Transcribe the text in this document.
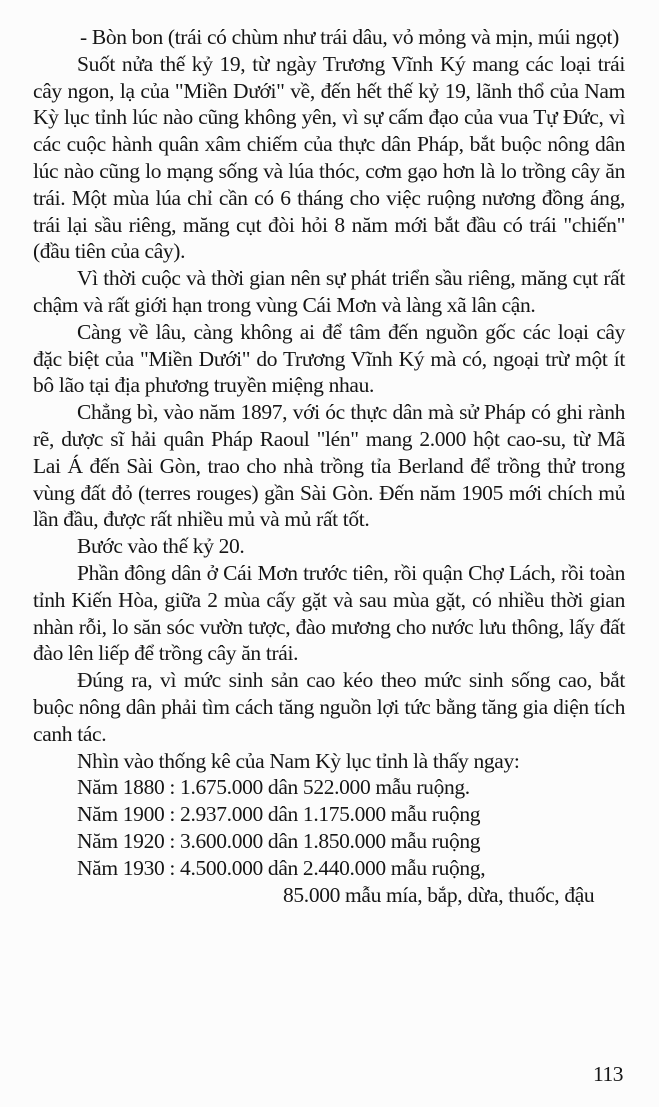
- Bòn bon (trái có chùm như trái dâu, vỏ mỏng và mịn, múi ngọt)

Suốt nửa thế kỷ 19, từ ngày Trương Vĩnh Ký mang các loại trái cây ngon, lạ của "Miền Dưới" về, đến hết thế kỷ 19, lãnh thổ của Nam Kỳ lục tỉnh lúc nào cũng không yên, vì sự cấm đạo của vua Tự Đức, vì các cuộc hành quân xâm chiếm của thực dân Pháp, bắt buộc nông dân lúc nào cũng lo mạng sống và lúa thóc, cơm gạo hơn là lo trồng cây ăn trái. Một mùa lúa chỉ cần có 6 tháng cho việc ruộng nương đồng áng, trái lại sầu riêng, măng cụt đòi hỏi 8 năm mới bắt đầu có trái "chiến" (đầu tiên của cây).

Vì thời cuộc và thời gian nên sự phát triển sầu riêng, măng cụt rất chậm và rất giới hạn trong vùng Cái Mơn và làng xã lân cận.

Càng về lâu, càng không ai để tâm đến nguồn gốc các loại cây đặc biệt của "Miền Dưới" do Trương Vĩnh Ký mà có, ngoại trừ một ít bô lão tại địa phương truyền miệng nhau.

Chẳng bì, vào năm 1897, với óc thực dân mà sử Pháp có ghi rành rẽ, dược sĩ hải quân Pháp Raoul "lén" mang 2.000 hột cao-su, từ Mã Lai Á đến Sài Gòn, trao cho nhà trồng tỉa Berland để trồng thử trong vùng đất đỏ (terres rouges) gần Sài Gòn. Đến năm 1905 mới chích mủ lần đầu, được rất nhiều mủ và mủ rất tốt.

Bước vào thế kỷ 20.

Phần đông dân ở Cái Mơn trước tiên, rồi quận Chợ Lách, rồi toàn tỉnh Kiến Hòa, giữa 2 mùa cấy gặt và sau mùa gặt, có nhiều thời gian nhàn rỗi, lo săn sóc vườn tược, đào mương cho nước lưu thông, lấy đất đào lên liếp để trồng cây ăn trái.

Đúng ra, vì mức sinh sản cao kéo theo mức sinh sống cao, bắt buộc nông dân phải tìm cách tăng nguồn lợi tức bằng tăng gia diện tích canh tác.

Nhìn vào thống kê của Nam Kỳ lục tỉnh là thấy ngay:

Năm 1880 : 1.675.000 dân 522.000 mẫu ruộng.
Năm 1900 : 2.937.000 dân 1.175.000 mẫu ruộng
Năm 1920 : 3.600.000 dân 1.850.000 mẫu ruộng
Năm 1930 : 4.500.000 dân 2.440.000 mẫu ruộng,
85.000 mẫu mía, bắp, dừa, thuốc, đậu
113
